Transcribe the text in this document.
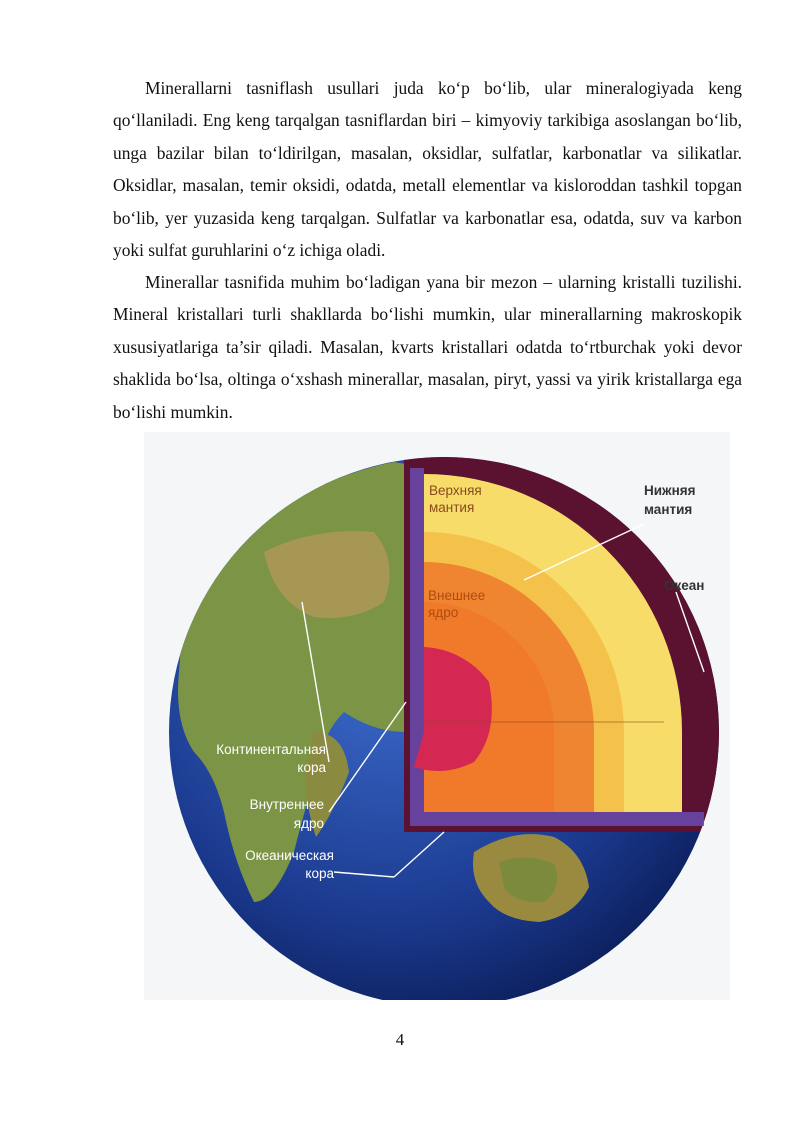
Minerallarni tasniflash usullari juda ko‘p bo‘lib, ular mineralogiyada keng qo‘llaniladi. Eng keng tarqalgan tasniflardan biri – kimyoviy tarkibiga asoslangan bo‘lib, unga bazilar bilan to‘ldirilgan, masalan, oksidlar, sulfatlar, karbonatlar va silikatlar. Oksidlar, masalan, temir oksidi, odatda, metall elementlar va kisloroddan tashkil topgan bo‘lib, yer yuzasida keng tarqalgan. Sulfatlar va karbonatlar esa, odatda, suv va karbon yoki sulfat guruhlarini o‘z ichiga oladi.

Minerallar tasnifida muhim bo‘ladigan yana bir mezon – ularning kristalli tuzilishi. Mineral kristallari turli shakllarda bo‘lishi mumkin, ular minerallarning makroskopik xususiyatlariga ta’sir qiladi. Masalan, kvarts kristallari odatda to‘rtburchak yoki devor shaklida bo‘lsa, oltinga o‘xshash minerallar, masalan, piryt, yassi va yirik kristallarga ega bo‘lishi mumkin.

Верхняя
мантия
Нижняя
мантия
Океан
Внешнее
ядро
Континентальная
кора
Внутреннее
ядро
Океаническая
кора
4
